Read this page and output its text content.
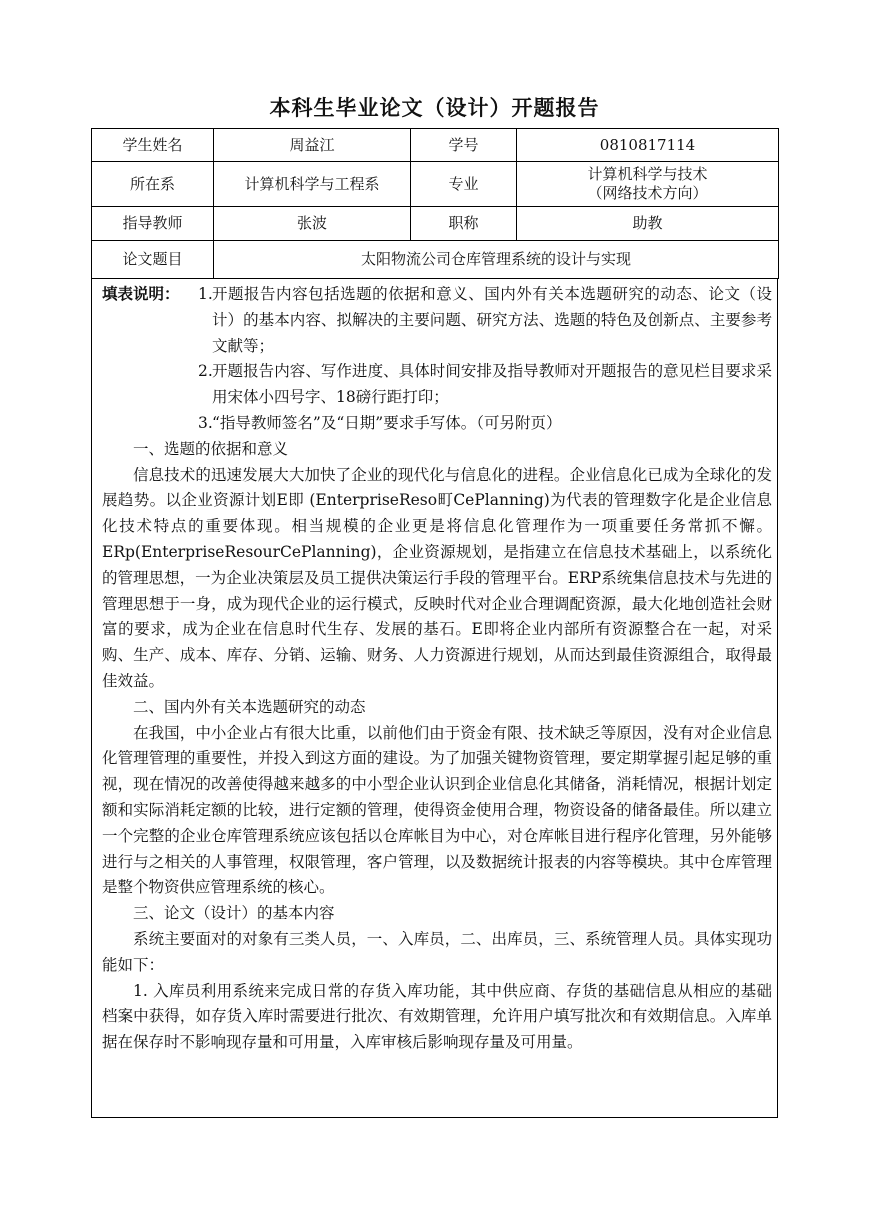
本科生毕业论文（设计）开题报告
学生姓名	周益江	学号	0810817114
所在系	计算机科学与工程系	专业	计算机科学与技术
（网络技术方向）

指导教师	张波	职称	助教
论文题目	太阳物流公司仓库管理系统的设计与实现		
填表说明：	1. 开题报告内容包括选题的依据和意义、国内外有关本选题研究的动态、论文（设计）的基本内容、拟解决的主要问题、研究方法、选题的特色及创新点、主要参考文献等；
2. 开题报告内容、写作进度、具体时间安排及指导教师对开题报告的意见栏目要求采用宋体小四号字、18磅行距打印；
3. “指导教师签名”及“日期”要求手写体。（可另附页）

一、选题的依据和意义

信息技术的迅速发展大大加快了企业的现代化与信息化的进程。企业信息化已成为全球化的发展趋势。以企业资源计划E即 (EnterpriseReso町CePlanning)为代表的管理数字化是企业信息化技术特点的重要体现。相当规模的企业更是将信息化管理作为一项重要任务常抓不懈。 ERp(EnterpriseResourCePlanning)，企业资源规划，是指建立在信息技术基础上，以系统化的管理思想，一为企业决策层及员工提供决策运行手段的管理平台。ERP系统集信息技术与先进的管理思想于一身，成为现代企业的运行模式，反映时代对企业合理调配资源，最大化地创造社会财富的要求，成为企业在信息时代生存、发展的基石。E即将企业内部所有资源整合在一起，对采购、生产、成本、库存、分销、运输、财务、人力资源进行规划，从而达到最佳资源组合，取得最佳效益。

二、国内外有关本选题研究的动态

在我国，中小企业占有很大比重，以前他们由于资金有限、技术缺乏等原因，没有对企业信息化管理管理的重要性，并投入到这方面的建设。为了加强关键物资管理，要定期掌握引起足够的重视，现在情况的改善使得越来越多的中小型企业认识到企业信息化其储备，消耗情况，根据计划定额和实际消耗定额的比较，进行定额的管理，使得资金使用合理，物资设备的储备最佳。所以建立一个完整的企业仓库管理系统应该包括以仓库帐目为中心，对仓库帐目进行程序化管理，另外能够进行与之相关的人事管理，权限管理，客户管理，以及数据统计报表的内容等模块。其中仓库管理是整个物资供应管理系统的核心。

三、论文（设计）的基本内容

系统主要面对的对象有三类人员，一、入库员，二、出库员，三、系统管理人员。具体实现功能如下：

1. 入库员利用系统来完成日常的存货入库功能，其中供应商、存货的基础信息从相应的基础档案中获得，如存货入库时需要进行批次、有效期管理，允许用户填写批次和有效期信息。入库单据在保存时不影响现存量和可用量，入库审核后影响现存量及可用量。
